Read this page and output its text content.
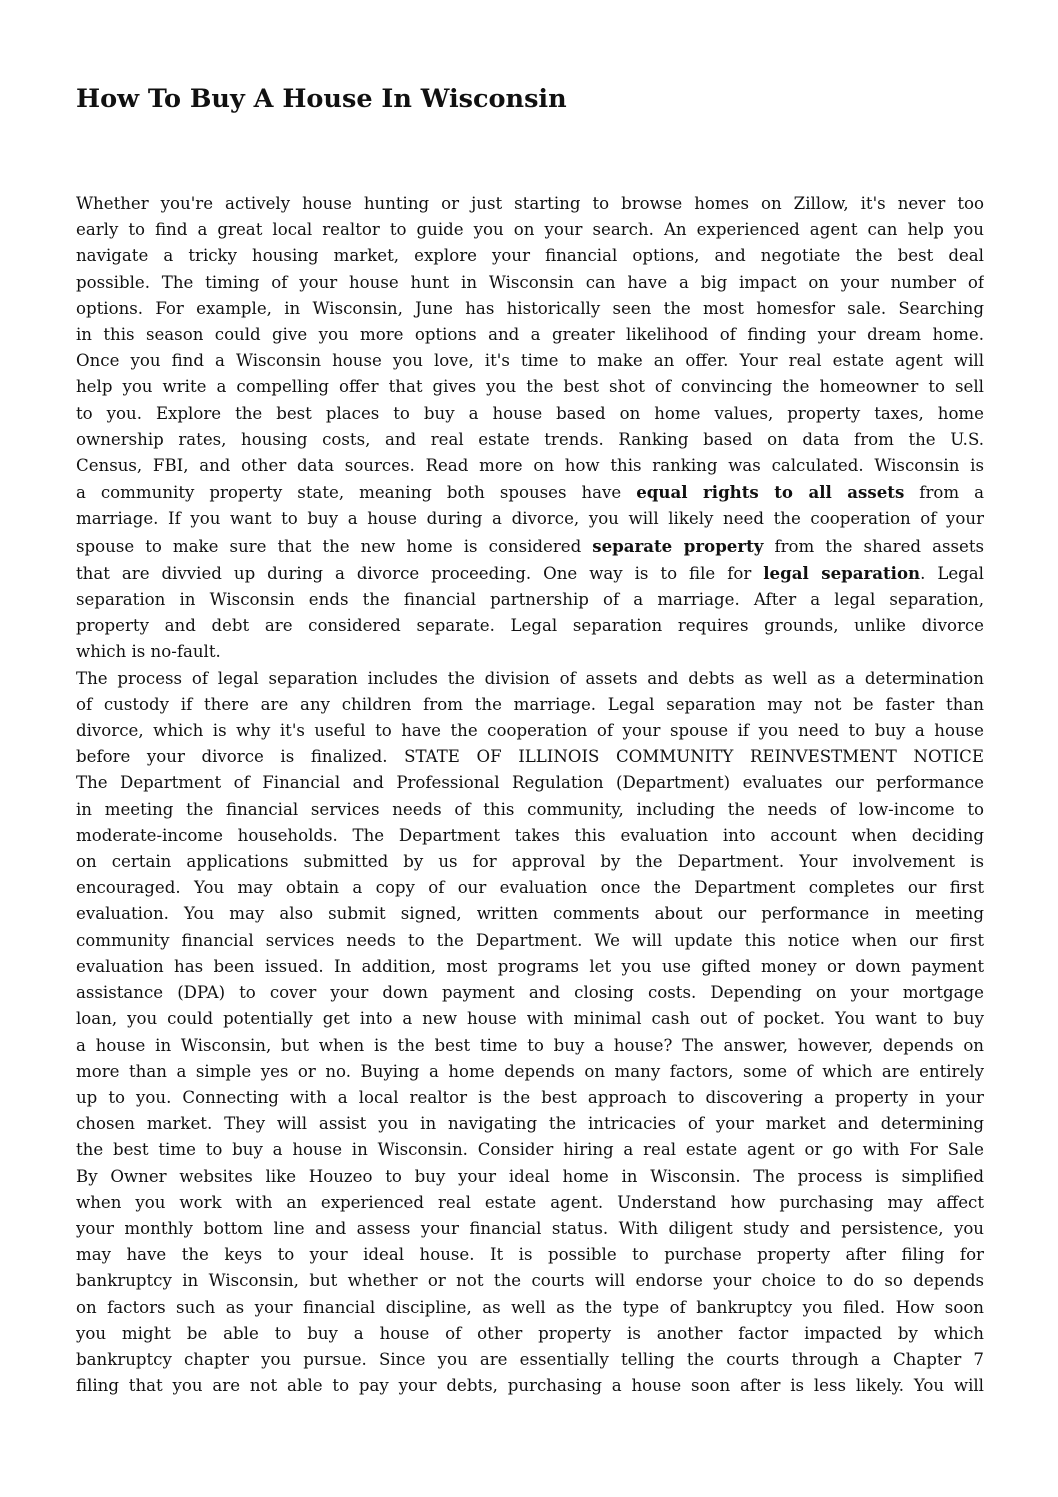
How To Buy A House In Wisconsin
Whether you're actively house hunting or just starting to browse homes on Zillow, it's never too
early to find a great local realtor to guide you on your search. An experienced agent can help you
navigate a tricky housing market, explore your financial options, and negotiate the best deal
possible. The timing of your house hunt in Wisconsin can have a big impact on your number of
options. For example, in Wisconsin, June has historically seen the most homesfor sale. Searching
in this season could give you more options and a greater likelihood of finding your dream home.
Once you find a Wisconsin house you love, it's time to make an offer. Your real estate agent will
help you write a compelling offer that gives you the best shot of convincing the homeowner to sell
to you. Explore the best places to buy a house based on home values, property taxes, home
ownership rates, housing costs, and real estate trends. Ranking based on data from the U.S.
Census, FBI, and other data sources. Read more on how this ranking was calculated. Wisconsin is
a community property state, meaning both spouses have equal rights to all assets from a
marriage. If you want to buy a house during a divorce, you will likely need the cooperation of your
spouse to make sure that the new home is considered separate property from the shared assets
that are divvied up during a divorce proceeding. One way is to file for legal separation. Legal
separation in Wisconsin ends the financial partnership of a marriage. After a legal separation,
property and debt are considered separate. Legal separation requires grounds, unlike divorce
which is no-fault.
The process of legal separation includes the division of assets and debts as well as a determination
of custody if there are any children from the marriage. Legal separation may not be faster than
divorce, which is why it's useful to have the cooperation of your spouse if you need to buy a house
before your divorce is finalized. STATE OF ILLINOIS COMMUNITY REINVESTMENT NOTICE
The Department of Financial and Professional Regulation (Department) evaluates our performance
in meeting the financial services needs of this community, including the needs of low-income to
moderate-income households. The Department takes this evaluation into account when deciding
on certain applications submitted by us for approval by the Department. Your involvement is
encouraged. You may obtain a copy of our evaluation once the Department completes our first
evaluation. You may also submit signed, written comments about our performance in meeting
community financial services needs to the Department. We will update this notice when our first
evaluation has been issued. In addition, most programs let you use gifted money or down payment
assistance (DPA) to cover your down payment and closing costs. Depending on your mortgage
loan, you could potentially get into a new house with minimal cash out of pocket. You want to buy
a house in Wisconsin, but when is the best time to buy a house? The answer, however, depends on
more than a simple yes or no. Buying a home depends on many factors, some of which are entirely
up to you. Connecting with a local realtor is the best approach to discovering a property in your
chosen market. They will assist you in navigating the intricacies of your market and determining
the best time to buy a house in Wisconsin. Consider hiring a real estate agent or go with For Sale
By Owner websites like Houzeo to buy your ideal home in Wisconsin. The process is simplified
when you work with an experienced real estate agent. Understand how purchasing may affect
your monthly bottom line and assess your financial status. With diligent study and persistence, you
may have the keys to your ideal house. It is possible to purchase property after filing for
bankruptcy in Wisconsin, but whether or not the courts will endorse your choice to do so depends
on factors such as your financial discipline, as well as the type of bankruptcy you filed. How soon
you might be able to buy a house of other property is another factor impacted by which
bankruptcy chapter you pursue. Since you are essentially telling the courts through a Chapter 7
filing that you are not able to pay your debts, purchasing a house soon after is less likely. You will
